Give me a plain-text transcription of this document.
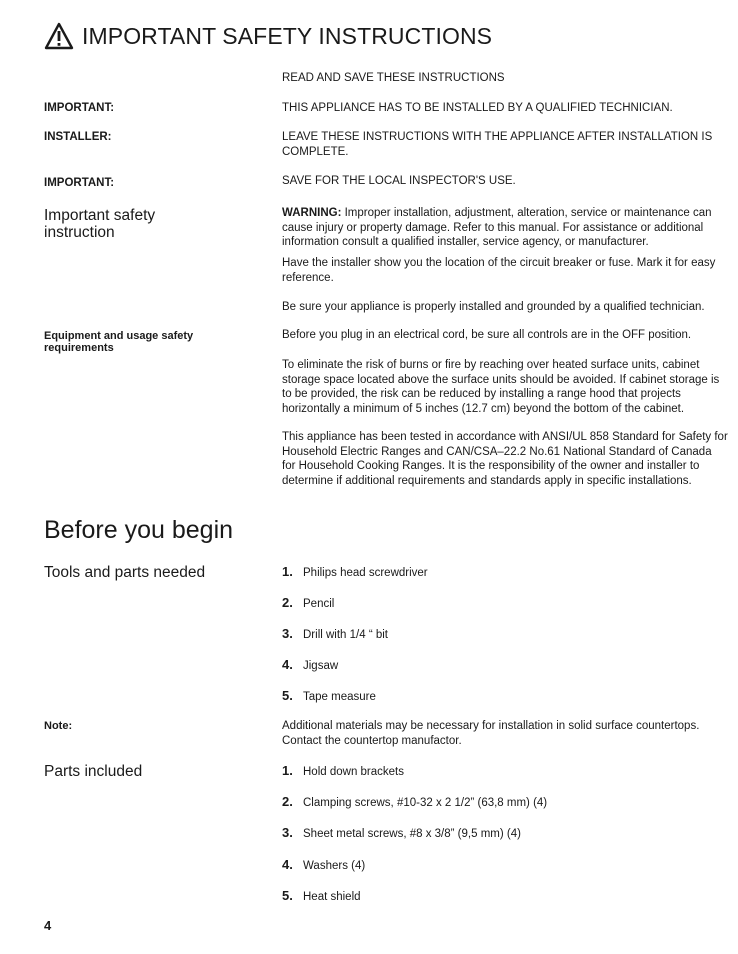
IMPORTANT SAFETY INSTRUCTIONS
READ AND SAVE THESE INSTRUCTIONS
IMPORTANT:	THIS APPLIANCE HAS TO BE INSTALLED BY A QUALIFIED TECHNICIAN.
INSTALLER:	LEAVE THESE INSTRUCTIONS WITH THE APPLIANCE AFTER INSTALLATION IS COMPLETE.
IMPORTANT:	SAVE FOR THE LOCAL INSPECTOR'S USE.
Important safety instruction
WARNING: Improper installation, adjustment, alteration, service or maintenance can cause injury or property damage. Refer to this manual. For assistance or additional information consult a qualified installer, service agency, or manufacturer.
Have the installer show you the location of the circuit breaker or fuse. Mark it for easy reference.
Be sure your appliance is properly installed and grounded by a qualified technician.
Equipment and usage safety requirements
Before you plug in an electrical cord, be sure all controls are in the OFF position.
To eliminate the risk of burns or fire by reaching over heated surface units, cabinet storage space located above the surface units should be avoided. If cabinet storage is to be provided, the risk can be reduced by installing a range hood that projects horizontally a minimum of 5 inches (12.7 cm) beyond the bottom of the cabinet.
This appliance has been tested in accordance with ANSI/UL 858 Standard for Safety for Household Electric Ranges and CAN/CSA–22.2 No.61 National Standard of Canada for Household Cooking Ranges. It is the responsibility of the owner and installer to determine if additional requirements and standards apply in specific installations.
Before you begin
Tools and parts needed	1. Philips head screwdriver
2. Pencil
3. Drill with 1/4 “ bit
4. Jigsaw
5. Tape measure
Note:	Additional materials may be necessary for installation in solid surface countertops. Contact the countertop manufactor.
Parts included	1. Hold down brackets
2. Clamping screws, #10-32 x 2 1/2” (63,8 mm) (4)
3. Sheet metal screws, #8 x 3/8” (9,5 mm) (4)
4. Washers (4)
5. Heat shield
4
